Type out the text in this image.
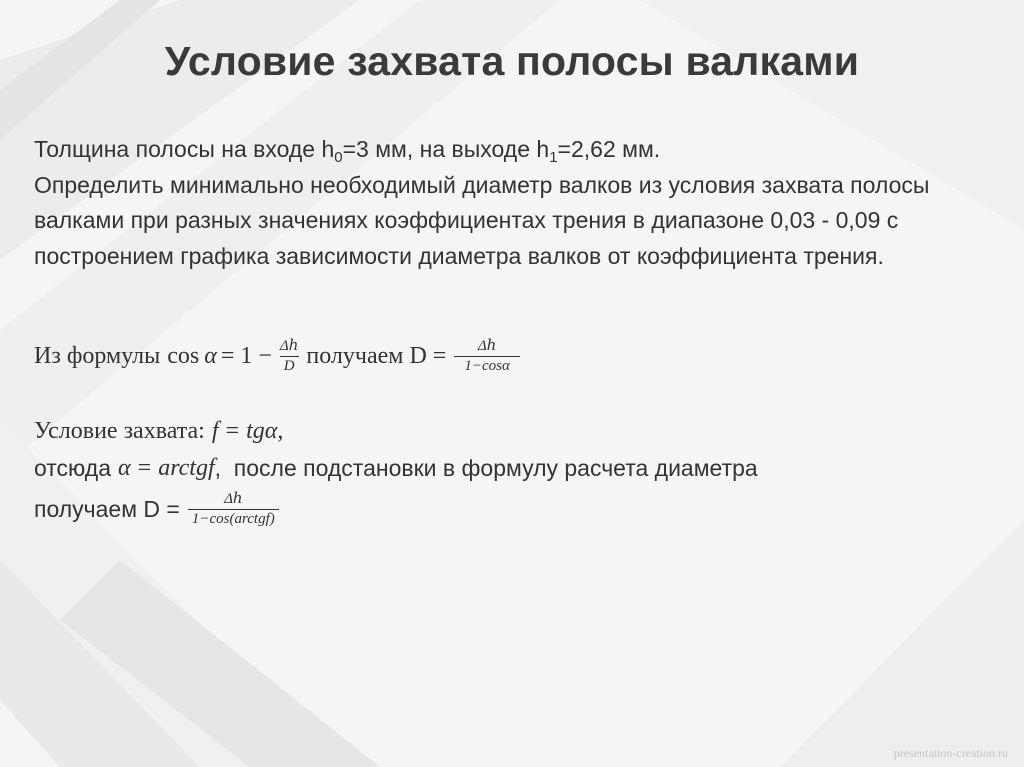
Условие захвата полосы валками

Толщина полосы на входе $h_0=3$ мм, на выходе $h_1=2,62$ мм.

Определить минимально необходимый диаметр валков из условия захвата полосы валками при разных значениях коэффициентах трения в диапазоне 0,03 - 0,09 с построением графика зависимости диаметра валков от коэффициента трения.

Из формулы $\cos \alpha = 1 - \frac{\text{Δℎ}}{D}$ получаем $D = \frac{\text{Δℎ}}{1-\cos\alpha}$
Условие захвата: f = tgα ,
отсюда α = arctgf ,  после подстановки в формулу расчета диаметра
получаем $D = \frac{\text{Δℎ}}{\text{1−cos(arctgf)}}$
presentation-creation.ru
